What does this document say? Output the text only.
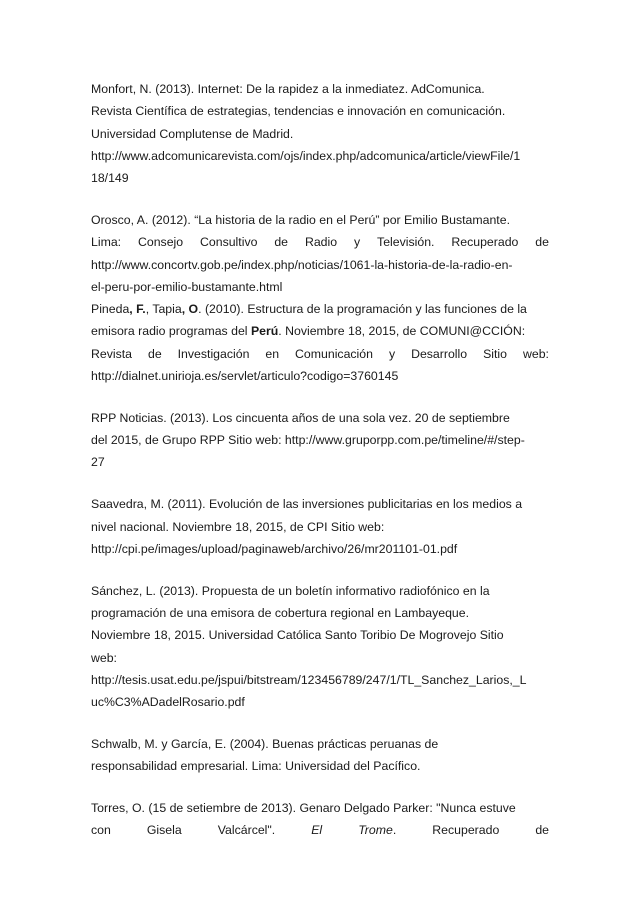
Monfort, N. (2013). Internet: De la rapidez a la inmediatez. AdComunica.
Revista Científica de estrategias, tendencias e innovación en comunicación.
Universidad Complutense de Madrid.
http://www.adcomunicarevista.com/ojs/index.php/adcomunica/article/viewFile/1
18/149
Orosco, A. (2012). “La historia de la radio en el Perú” por Emilio Bustamante.
Lima: Consejo Consultivo de Radio y Televisión. Recuperado de
http://www.concortv.gob.pe/index.php/noticias/1061-la-historia-de-la-radio-en-
el-peru-por-emilio-bustamante.html
Pineda, F., Tapia, O. (2010). Estructura de la programación y las funciones de la
emisora radio programas del Perú. Noviembre 18, 2015, de COMUNI@CCIÓN:
Revista de Investigación en Comunicación y Desarrollo Sitio web:
http://dialnet.unirioja.es/servlet/articulo?codigo=3760145
RPP Noticias. (2013). Los cincuenta años de una sola vez. 20 de septiembre
del 2015, de Grupo RPP Sitio web: http://www.gruporpp.com.pe/timeline/#/step-
27
Saavedra, M. (2011). Evolución de las inversiones publicitarias en los medios a
nivel nacional. Noviembre 18, 2015, de CPI Sitio web:
http://cpi.pe/images/upload/paginaweb/archivo/26/mr201101-01.pdf
Sánchez, L. (2013). Propuesta de un boletín informativo radiofónico en la
programación de una emisora de cobertura regional en Lambayeque.
Noviembre 18, 2015. Universidad Católica Santo Toribio De Mogrovejo Sitio
web:
http://tesis.usat.edu.pe/jspui/bitstream/123456789/247/1/TL_Sanchez_Larios,_L
uc%C3%ADadelRosario.pdf
Schwalb, M. y García, E. (2004). Buenas prácticas peruanas de
responsabilidad empresarial. Lima: Universidad del Pacífico.
Torres, O. (15 de setiembre de 2013). Genaro Delgado Parker: "Nunca estuve
con	Gisela	Valcárcel".	El	Trome.	Recuperado	de
